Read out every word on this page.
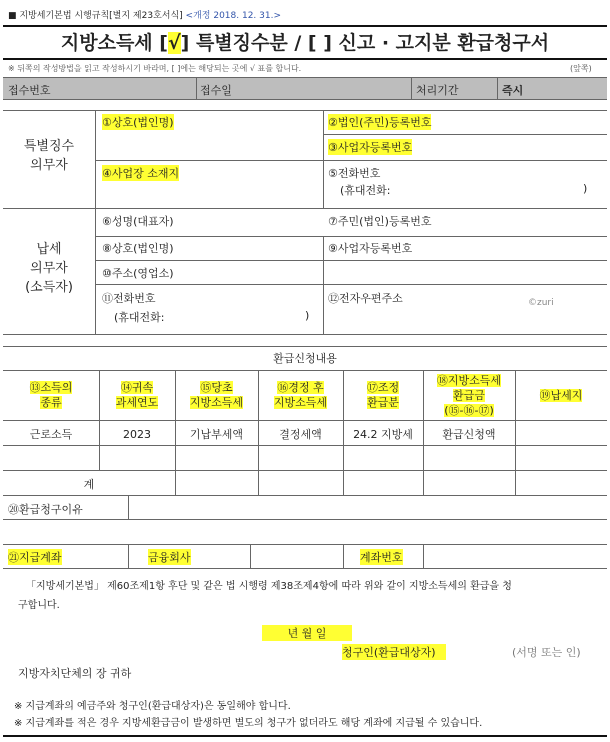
■ 지방세기본법 시행규칙[별지 제23호서식] <개정 2018. 12. 31.>
지방소득세 [√] 특별징수분 / [ ] 신고 · 고지분 환급청구서
※ 뒤쪽의 작성방법을 읽고 작성하시기 바라며, [ ]에는 해당되는 곳에 √ 표를 합니다.	(앞쪽)
접수번호	접수일	처리기간	즉시
특별징수
의무자
①상호(법인명)	②법인(주민)등록번호
③사업자등록번호
④사업장 소재지	⑤전화번호
(휴대전화:	)
납세
의무자
(소득자)
⑥성명(대표자)	⑦주민(법인)등록번호
⑧상호(법인명)	⑨사업자등록번호
⑩주소(영업소)
⑪전화번호
(휴대전화:	)
⑫전자우편주소	©zuri
환급신청내용
⑬소득의
종류
⑭귀속
과세연도
⑮당초
지방소득세
⑯경정 후
지방소득세
⑰조정
환급분
⑱지방소득세
환급금
(⑮-⑯-⑰)
⑲납세지
근로소득	2023	기납부세액	결정세액	24.2 지방세	환급신청액
계
⑳환급청구이유
㉑지급계좌	금융회사	계좌번호
「지방세기본법」 제60조제1항 후단 및 같은 법 시행령 제38조제4항에 따라 위와 같이 지방소득세의 환급을 청
구합니다.
년 월 일
청구인(환급대상자)	(서명 또는 인)
지방자치단체의 장 귀하
※ 지급계좌의 예금주와 청구인(환급대상자)은 동일해야 합니다.
※ 지급계좌를 적은 경우 지방세환급금이 발생하면 별도의 청구가 없더라도 해당 계좌에 지급될 수 있습니다.
